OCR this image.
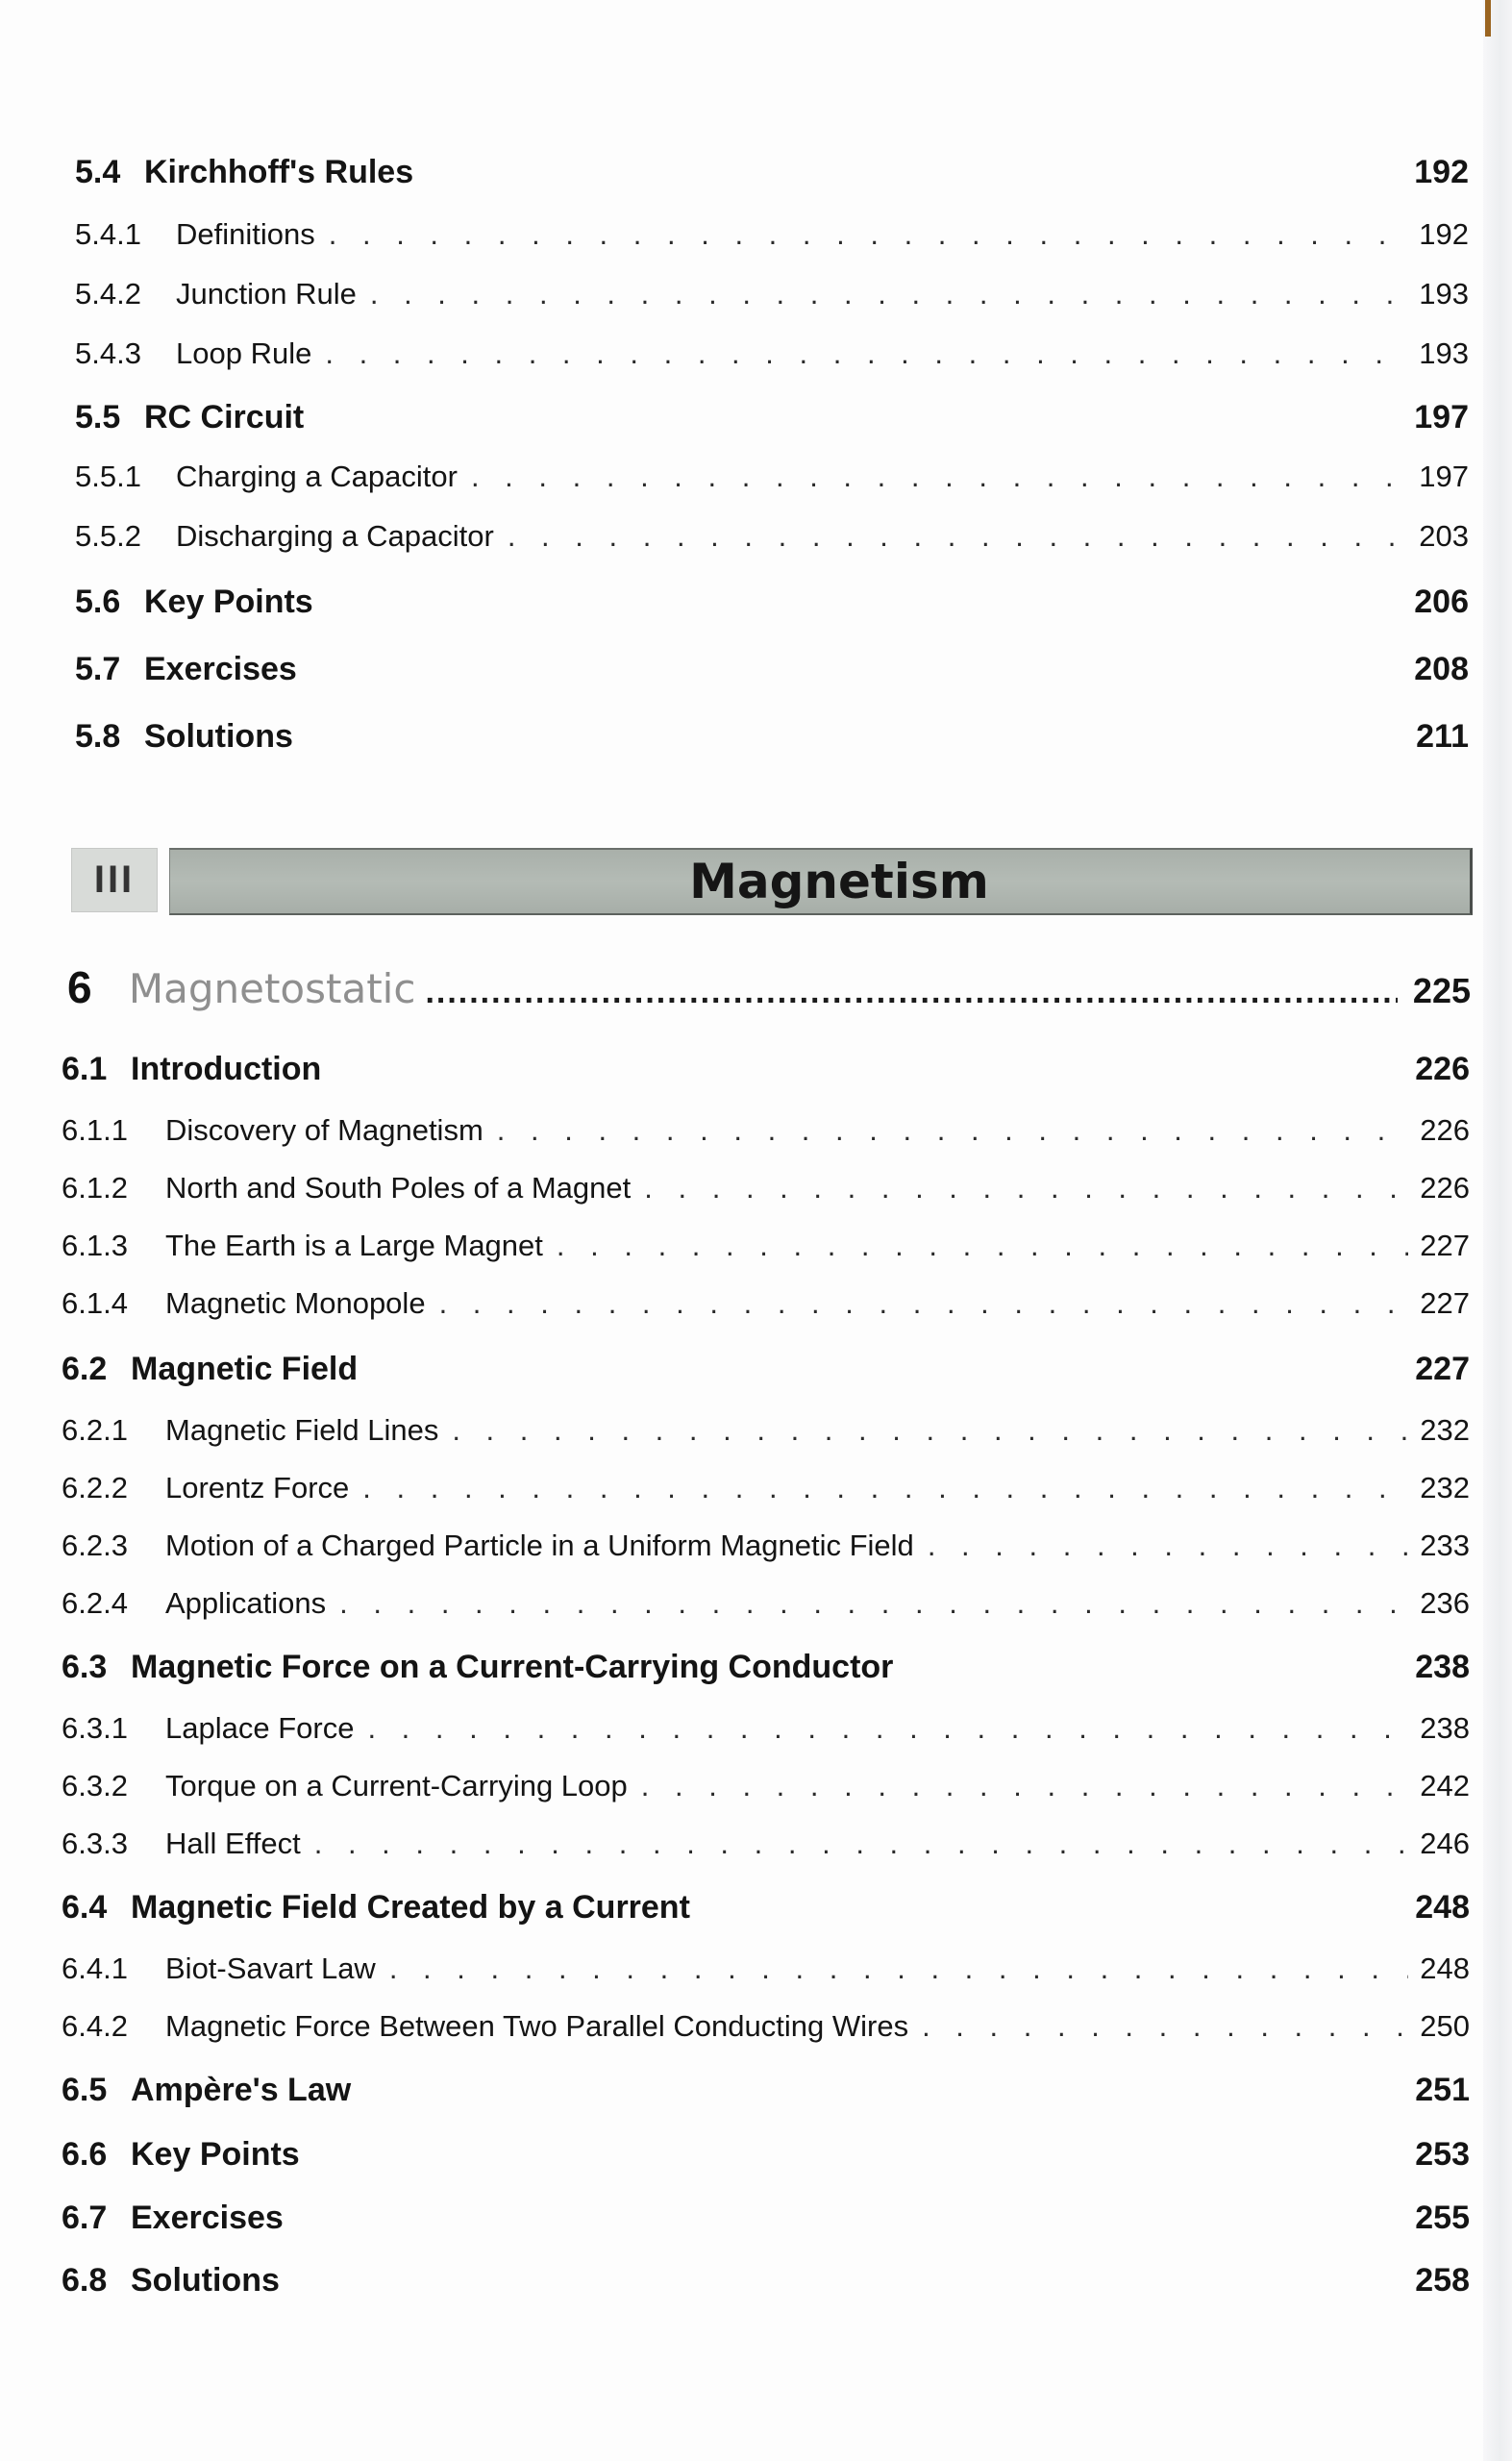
5.4 Kirchhoff's Rules	192
5.4.1	Definitions . . .	192
5.4.2	Junction Rule . . .	193
5.4.3	Loop Rule . . .	193
5.5 RC Circuit	197
5.5.1	Charging a Capacitor . . .	197
5.5.2	Discharging a Capacitor . . .	203
5.6 Key Points	206
5.7 Exercises	208
5.8 Solutions	211
III	Magnetism
6 Magnetostatic .....	225
6.1 Introduction	226
6.1.1	Discovery of Magnetism . . .	226
6.1.2	North and South Poles of a Magnet . . .	226
6.1.3	The Earth is a Large Magnet . . .	227
6.1.4	Magnetic Monopole . . .	227
6.2 Magnetic Field	227
6.2.1	Magnetic Field Lines . . .	232
6.2.2	Lorentz Force . . .	232
6.2.3	Motion of a Charged Particle in a Uniform Magnetic Field . . .	233
6.2.4	Applications . . .	236
6.3 Magnetic Force on a Current-Carrying Conductor	238
6.3.1	Laplace Force . . .	238
6.3.2	Torque on a Current-Carrying Loop . . .	242
6.3.3	Hall Effect . . .	246
6.4 Magnetic Field Created by a Current	248
6.4.1	Biot-Savart Law . . .	248
6.4.2	Magnetic Force Between Two Parallel Conducting Wires . . .	250
6.5 Ampère's Law	251
6.6 Key Points	253
6.7 Exercises	255
6.8 Solutions	258
